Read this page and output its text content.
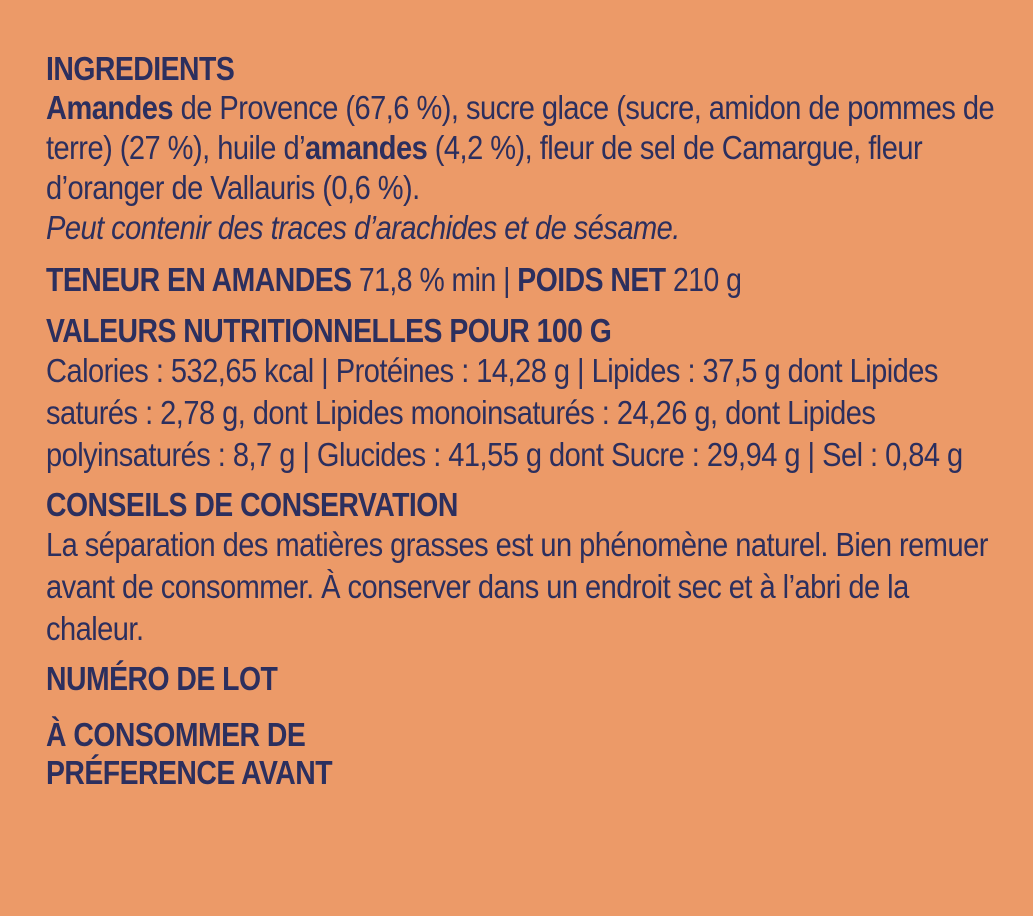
INGREDIENTS
Amandes de Provence (67,6 %), sucre glace (sucre, amidon de pommes de terre) (27 %), huile d’amandes (4,2 %), fleur de sel de Camargue, fleur d’oranger de Vallauris (0,6 %).
Peut contenir des traces d’arachides et de sésame.
TENEUR EN AMANDES 71,8 % min | POIDS NET 210 g
VALEURS NUTRITIONNELLES POUR 100 G
Calories : 532,65 kcal | Protéines : 14,28 g | Lipides : 37,5 g dont Lipides saturés : 2,78 g, dont Lipides monoinsaturés : 24,26 g, dont Lipides polyinsaturés : 8,7 g | Glucides : 41,55 g dont Sucre : 29,94 g | Sel : 0,84 g
CONSEILS DE CONSERVATION
La séparation des matières grasses est un phénomène naturel. Bien remuer avant de consommer. À conserver dans un endroit sec et à l’abri de la chaleur.
NUMÉRO DE LOT
À CONSOMMER DE
PRÉFERENCE AVANT
